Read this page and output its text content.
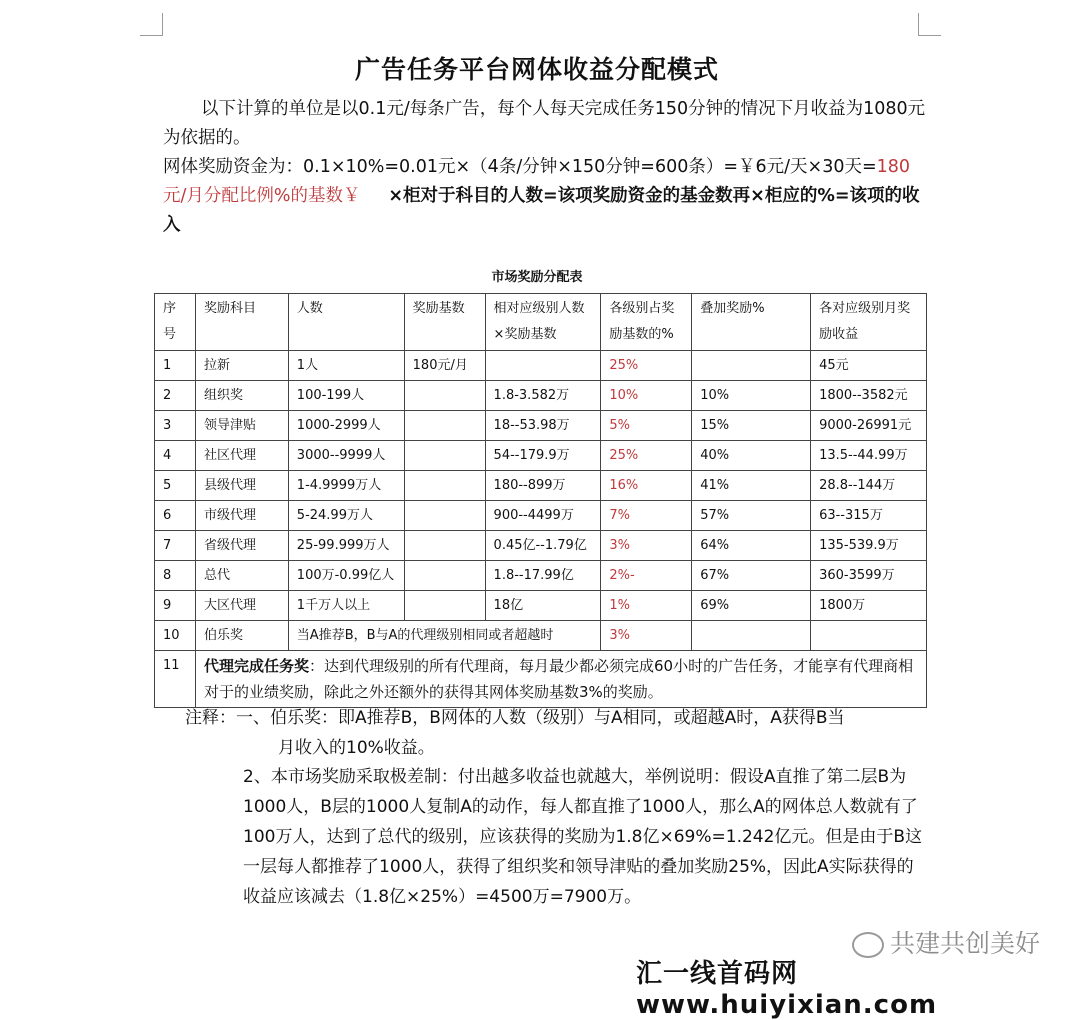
广告任务平台网体收益分配模式
以下计算的单位是以0.1元/每条广告，每个人每天完成任务150分钟的情况下月收益为1080元为依据的。
网体奖励资金为：0.1×10%=0.01元×（4条/分钟×150分钟=600条）=￥6元/天×30天=180元/月分配比例%的基数￥ ×柜对于科目的人数=该项奖励资金的基金数再×柜应的%=该项的收入
市场奖励分配表
序号	奖励科目	人数	奖励基数	相对应级别人数×奖励基数	各级别占奖励基数的%	叠加奖励%	各对应级别月奖励收益
1	拉新	1人	180元/月		25%		45元
2	组织奖	100-199人		1.8-3.582万	10%	10%	1800--3582元
3	领导津贴	1000-2999人		18--53.98万	5%	15%	9000-26991元
4	社区代理	3000--9999人		54--179.9万	25%	40%	13.5--44.99万
5	县级代理	1-4.9999万人		180--899万	16%	41%	28.8--144万
6	市级代理	5-24.99万人		900--4499万	7%	57%	63--315万
7	省级代理	25-99.999万人		0.45亿--1.79亿	3%	64%	135-539.9万
8	总代	100万-0.99亿人		1.8--17.99亿	2%-	67%	360-3599万
9	大区代理	1千万人以上		18亿	1%	69%	1800万
10	伯乐奖	当A推荐B，B与A的代理级别相同或者超越时			3%		
11	代理完成任务奖：达到代理级别的所有代理商，每月最少都必须完成60小时的广告任务，才能享有代理商相对于的业绩奖励，除此之外还额外的获得其网体奖励基数3%的奖励。						
注释：一、伯乐奖：即A推荐B，B网体的人数（级别）与A相同，或超越A时，A获得B当
月收入的10%收益。
2、本市场奖励采取极差制：付出越多收益也就越大，举例说明：假设A直推了第二层B为1000人，B层的1000人复制A的动作，每人都直推了1000人，那么A的网体总人数就有了100万人，达到了总代的级别，应该获得的奖励为1.8亿×69%=1.242亿元。但是由于B这一层每人都推荐了1000人，获得了组织奖和领导津贴的叠加奖励25%，因此A实际获得的收益应该减去（1.8亿×25%）=4500万=7900万。
共建共创美好
汇一线首码网 www.huiyixian.com
